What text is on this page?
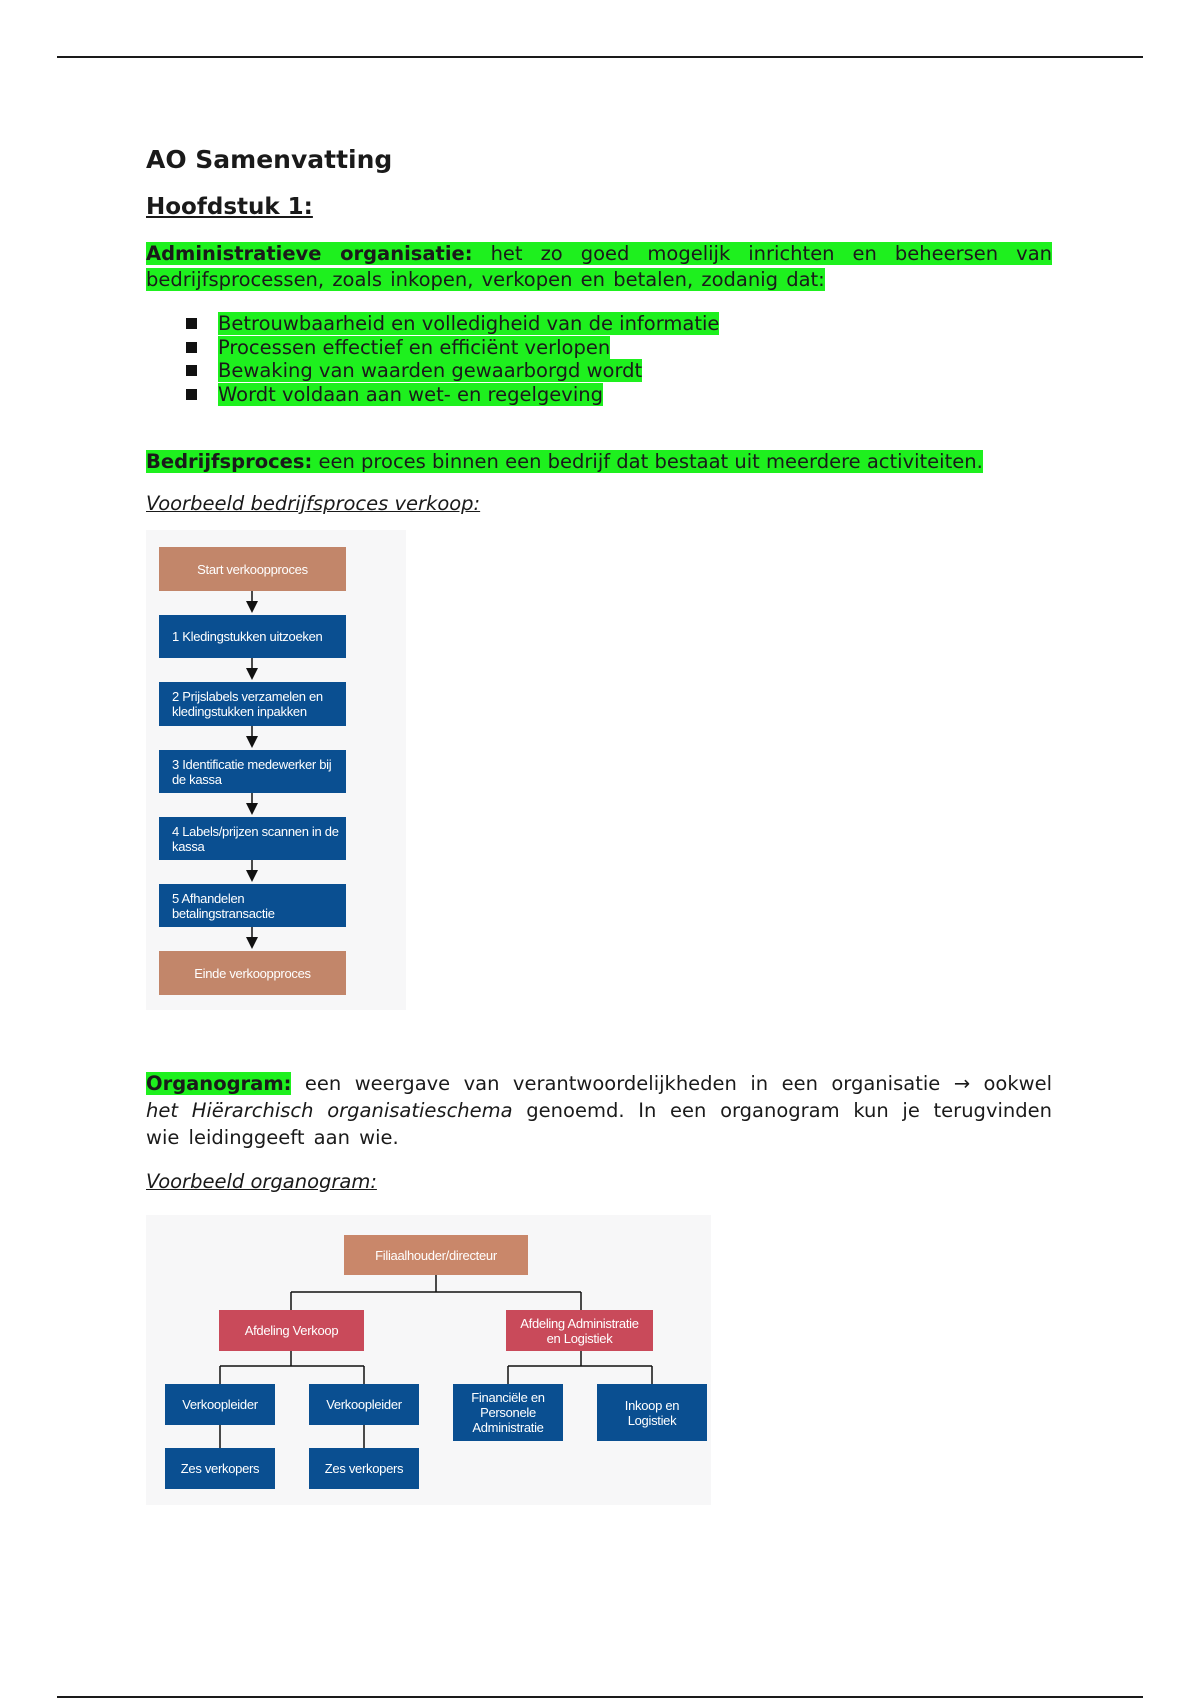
AO Samenvatting
Hoofdstuk 1:

Administratieve organisatie: het zo goed mogelijk inrichten en beheersen van bedrijfsprocessen, zoals inkopen, verkopen en betalen, zodanig dat:

Betrouwbaarheid en volledigheid van de informatie
Processen effectief en efficiënt verlopen
Bewaking van waarden gewaarborgd wordt
Wordt voldaan aan wet- en regelgeving

Bedrijfsproces: een proces binnen een bedrijf dat bestaat uit meerdere activiteiten.

Voorbeeld bedrijfsproces verkoop:

Organogram: een weergave van verantwoordelijkheden in een organisatie → ookwel het Hiërarchisch organisatieschema genoemd. In een organogram kun je terugvinden wie leidinggeeft aan wie.

Voorbeeld organogram:

Start verkoopproces
1 Kledingstukken uitzoeken
2 Prijslabels verzamelen en kledingstukken inpakken
3 Identificatie medewerker bij de kassa
4 Labels/prijzen scannen in de kassa
5 Afhandelen betalingstransactie
Einde verkoopproces
Filiaalhouder/directeur
Afdeling Verkoop	Afdeling Administratie en Logistiek
Verkoopleider	Verkoopleider	Financiële en Personele Administratie
Inkoop en Logistiek
Zes verkopers	Zes verkopers
